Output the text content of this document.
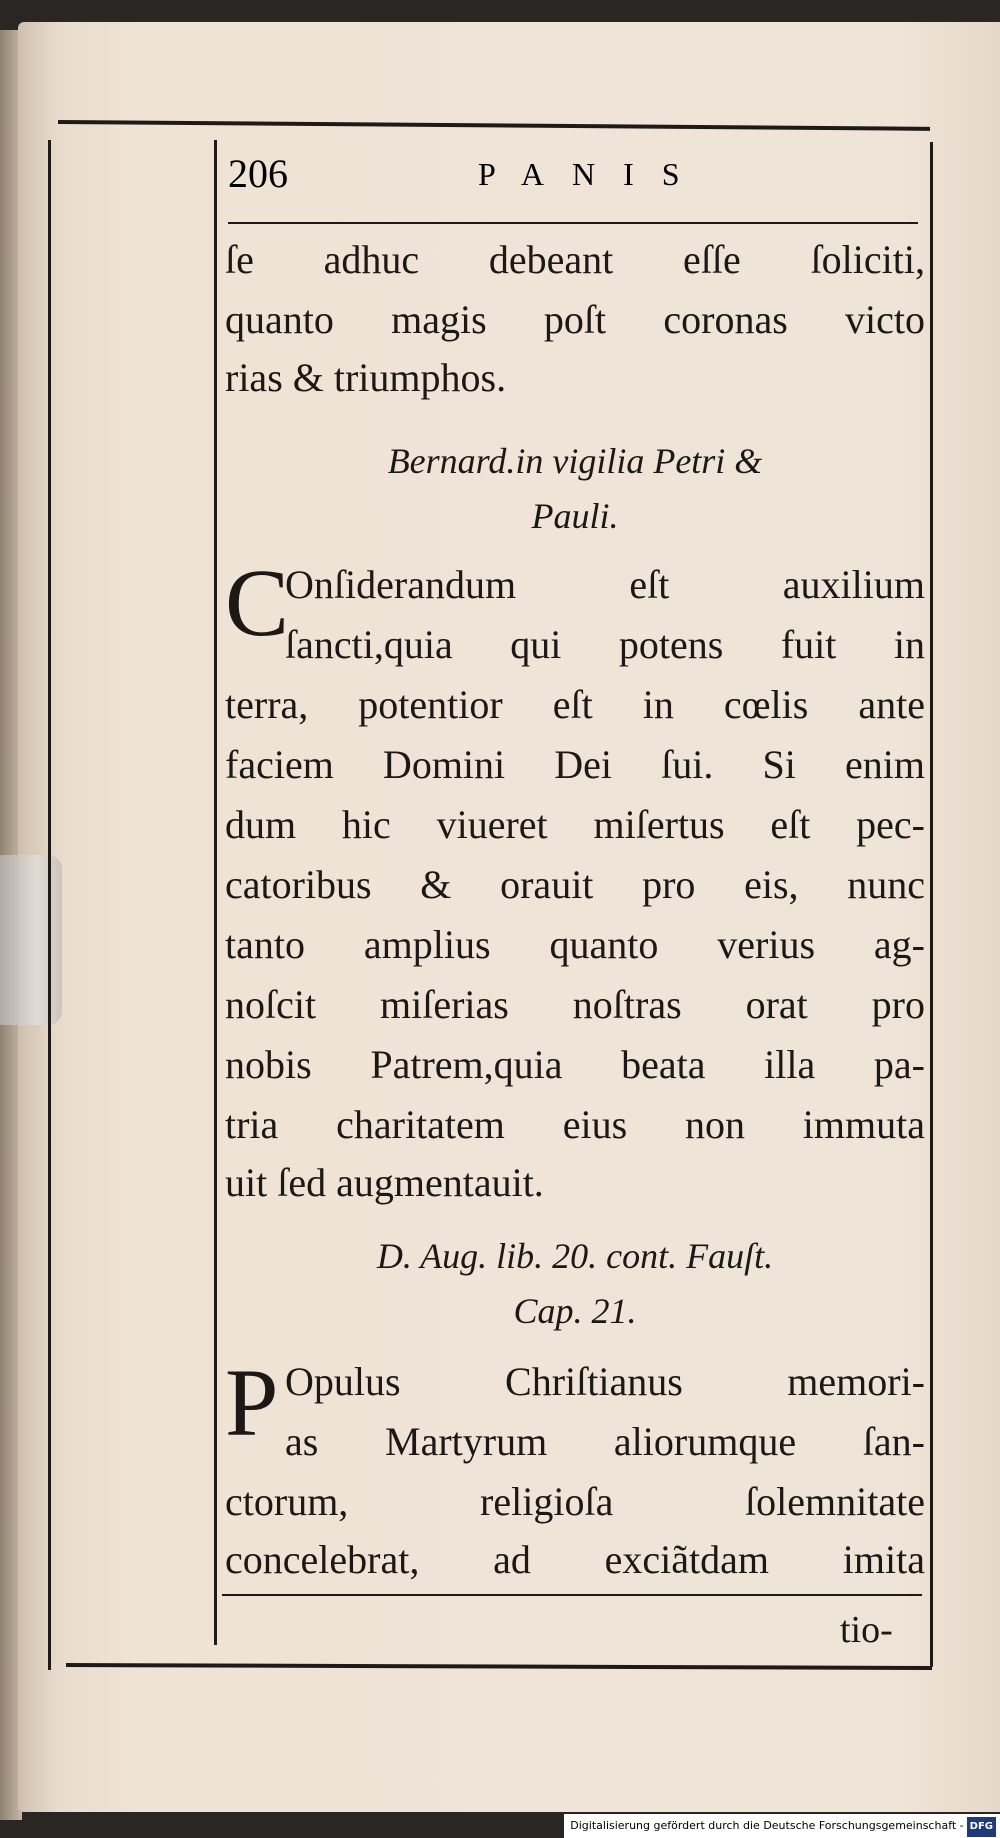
206	PANIS
ſe adhuc debeant eſſe ſoliciti,
quanto magis poſt coronas victo
rias & triumphos.
Bernard.in vigilia Petri &
Pauli.
C
Onſiderandum eſt auxilium
ſancti,quia qui potens fuit in
terra, potentior eſt in cœlis ante
faciem Domini Dei ſui. Si enim
dum hic viueret miſertus eſt pec-
catoribus & orauit pro eis, nunc
tanto amplius quanto verius ag-
noſcit miſerias noſtras orat pro
nobis Patrem,quia beata illa pa-
tria charitatem eius non immuta
uit ſed augmentauit.
D. Aug. lib. 20. cont. Fauſt.
Cap. 21.
P Opulus Chriſtianus memori-
as Martyrum aliorumque ſan-
ctorum, religioſa ſolemnitate
concelebrat, ad exciãtdam imita
tio-
Digitalisierung gefördert durch die Deutsche Forschungsgemeinschaft - DFG
